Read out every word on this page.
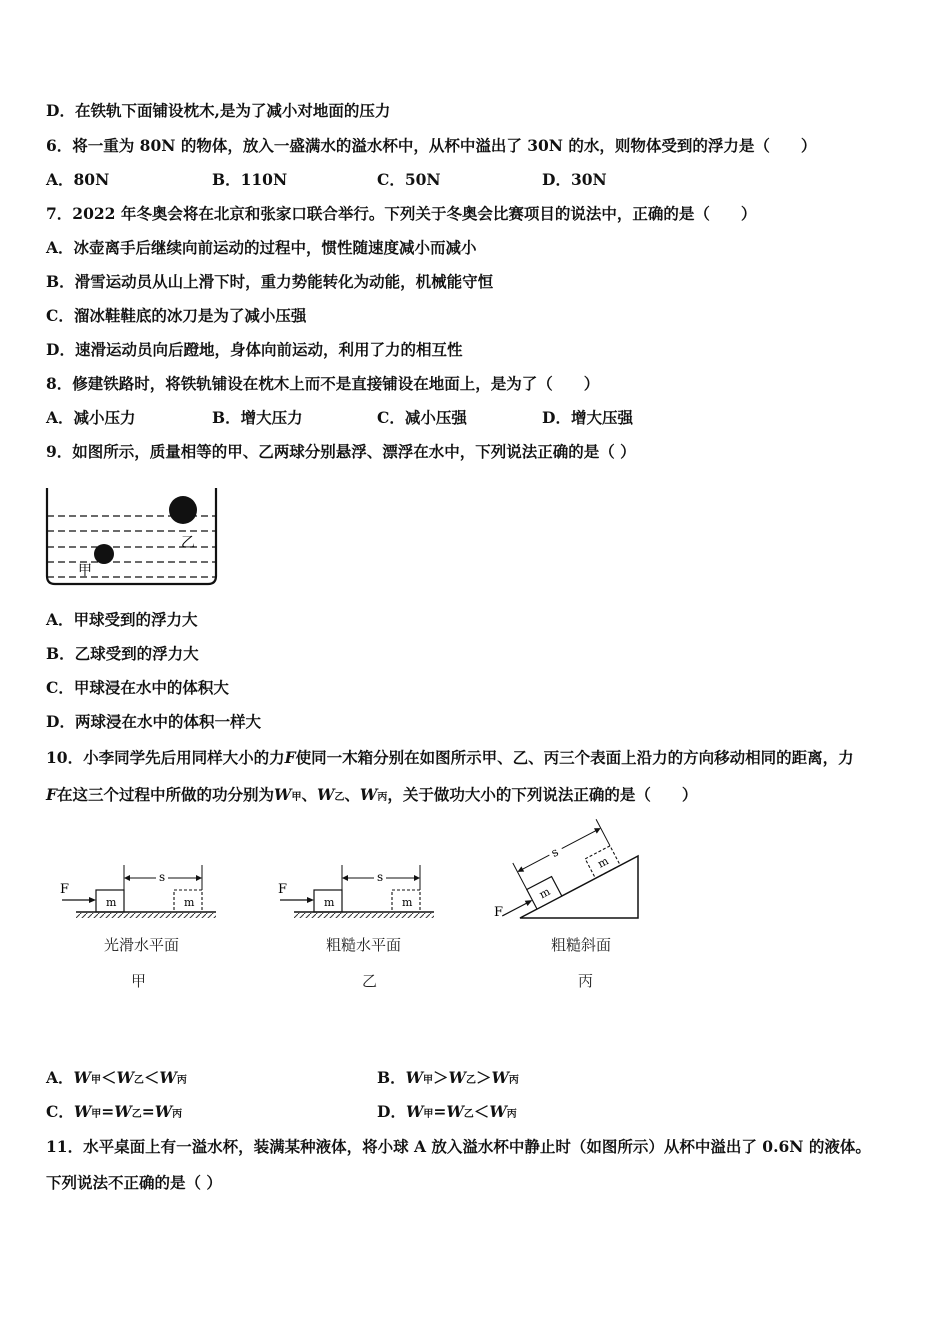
D．在铁轨下面铺设枕木,是为了减小对地面的压力
6．将一重为 80N 的物体，放入一盛满水的溢水杯中，从杯中溢出了 30N 的水，则物体受到的浮力是（　　）
A．80N	B．110N	C．50N	D．30N
7．2022 年冬奥会将在北京和张家口联合举行。下列关于冬奥会比赛项目的说法中，正确的是（　　）
A．冰壶离手后继续向前运动的过程中，惯性随速度减小而减小
B．滑雪运动员从山上滑下时，重力势能转化为动能，机械能守恒
C．溜冰鞋鞋底的冰刀是为了减小压强
D．速滑运动员向后蹬地，身体向前运动，利用了力的相互性
8．修建铁路时，将铁轨铺设在枕木上而不是直接铺设在地面上，是为了（　　）
A．减小压力	B．增大压力	C．减小压强	D．增大压强
9．如图所示，质量相等的甲、乙两球分别悬浮、漂浮在水中，下列说法正确的是（ ）
乙
甲
A．甲球受到的浮力大
B．乙球受到的浮力大
C．甲球浸在水中的体积大
D．两球浸在水中的体积一样大
10．小李同学先后用同样大小的力F使同一木箱分别在如图所示甲、乙、丙三个表面上沿力的方向移动相同的距离，力
F在这三个过程中所做的功分别为W甲、W乙、W丙，关于做功大小的下列说法正确的是（　　）
F
m	m
s
光滑水平面
甲
F
m	m
s
粗糙水平面
乙
m
m
s
F
粗糙斜面
丙
A．W甲＜W乙＜W丙	B．W甲＞W乙＞W丙
C．W甲=W乙=W丙	D．W甲=W乙＜W丙
11．水平桌面上有一溢水杯，装满某种液体，将小球 A 放入溢水杯中静止时（如图所示）从杯中溢出了 0.6N 的液体。
下列说法不正确的是（ ）
